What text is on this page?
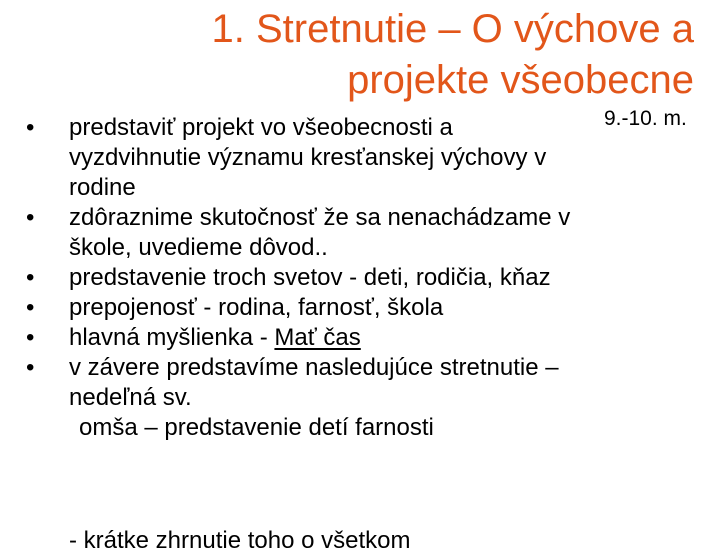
1. Stretnutie – O výchove a
projekte všeobecne
9.-10. m.
• predstaviť projekt vo všeobecnosti a
vyzdvihnutie významu kresťanskej výchovy v
rodine
• zdôraznime skutočnosť že sa nenachádzame v
škole, uvedieme dôvod..
• predstavenie troch svetov - deti, rodičia, kňaz
• prepojenosť - rodina, farnosť, škola
• hlavná myšlienka - Mať čas
• v závere predstavíme nasledujúce stretnutie –
nedeľná sv.
omša – predstavenie detí farnosti
- krátke zhrnutie toho o všetkom
